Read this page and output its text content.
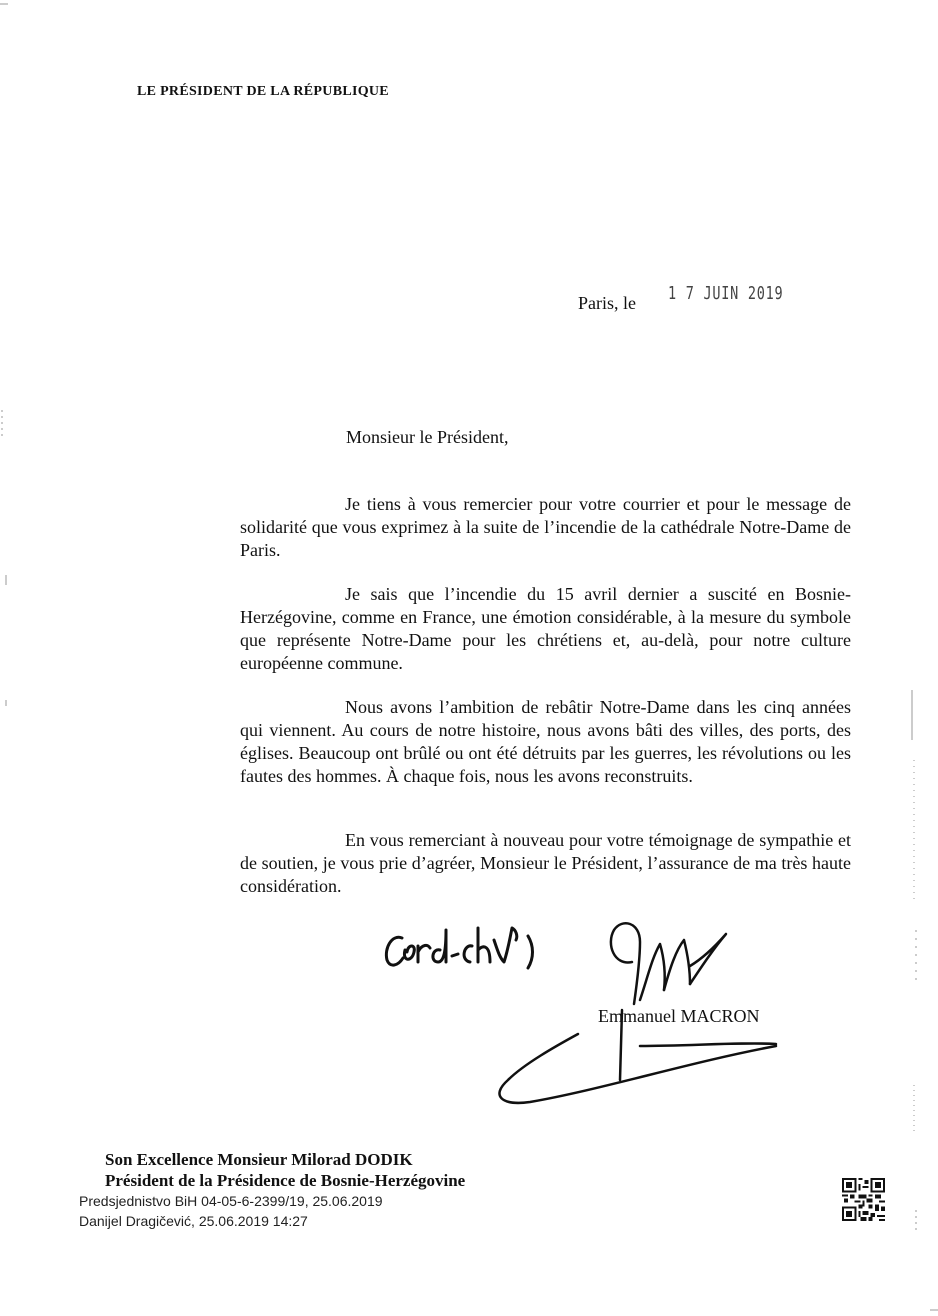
LE PRÉSIDENT DE LA RÉPUBLIQUE
Paris, le 1 7 JUIN 2019
Monsieur le Président,

Je tiens à vous remercier pour votre courrier et pour le message de solidarité que vous exprimez à la suite de l’incendie de la cathédrale Notre-Dame de Paris.

Je sais que l’incendie du 15 avril dernier a suscité en Bosnie-Herzégovine, comme en France, une émotion considérable, à la mesure du symbole que représente Notre-Dame pour les chrétiens et, au-delà, pour notre culture européenne commune.

Nous avons l’ambition de rebâtir Notre-Dame dans les cinq années qui viennent. Au cours de notre histoire, nous avons bâti des villes, des ports, des églises. Beaucoup ont brûlé ou ont été détruits par les guerres, les révolutions ou les fautes des hommes. À chaque fois, nous les avons reconstruits.

En vous remerciant à nouveau pour votre témoignage de sympathie et de soutien, je vous prie d’agréer, Monsieur le Président, l’assurance de ma très haute considération.

Emmanuel MACRON
Son Excellence Monsieur Milorad DODIK
Président de la Présidence de Bosnie-Herzégovine
Predsjednistvo BiH 04-05-6-2399/19, 25.06.2019
Danijel Dragičević, 25.06.2019 14:27
